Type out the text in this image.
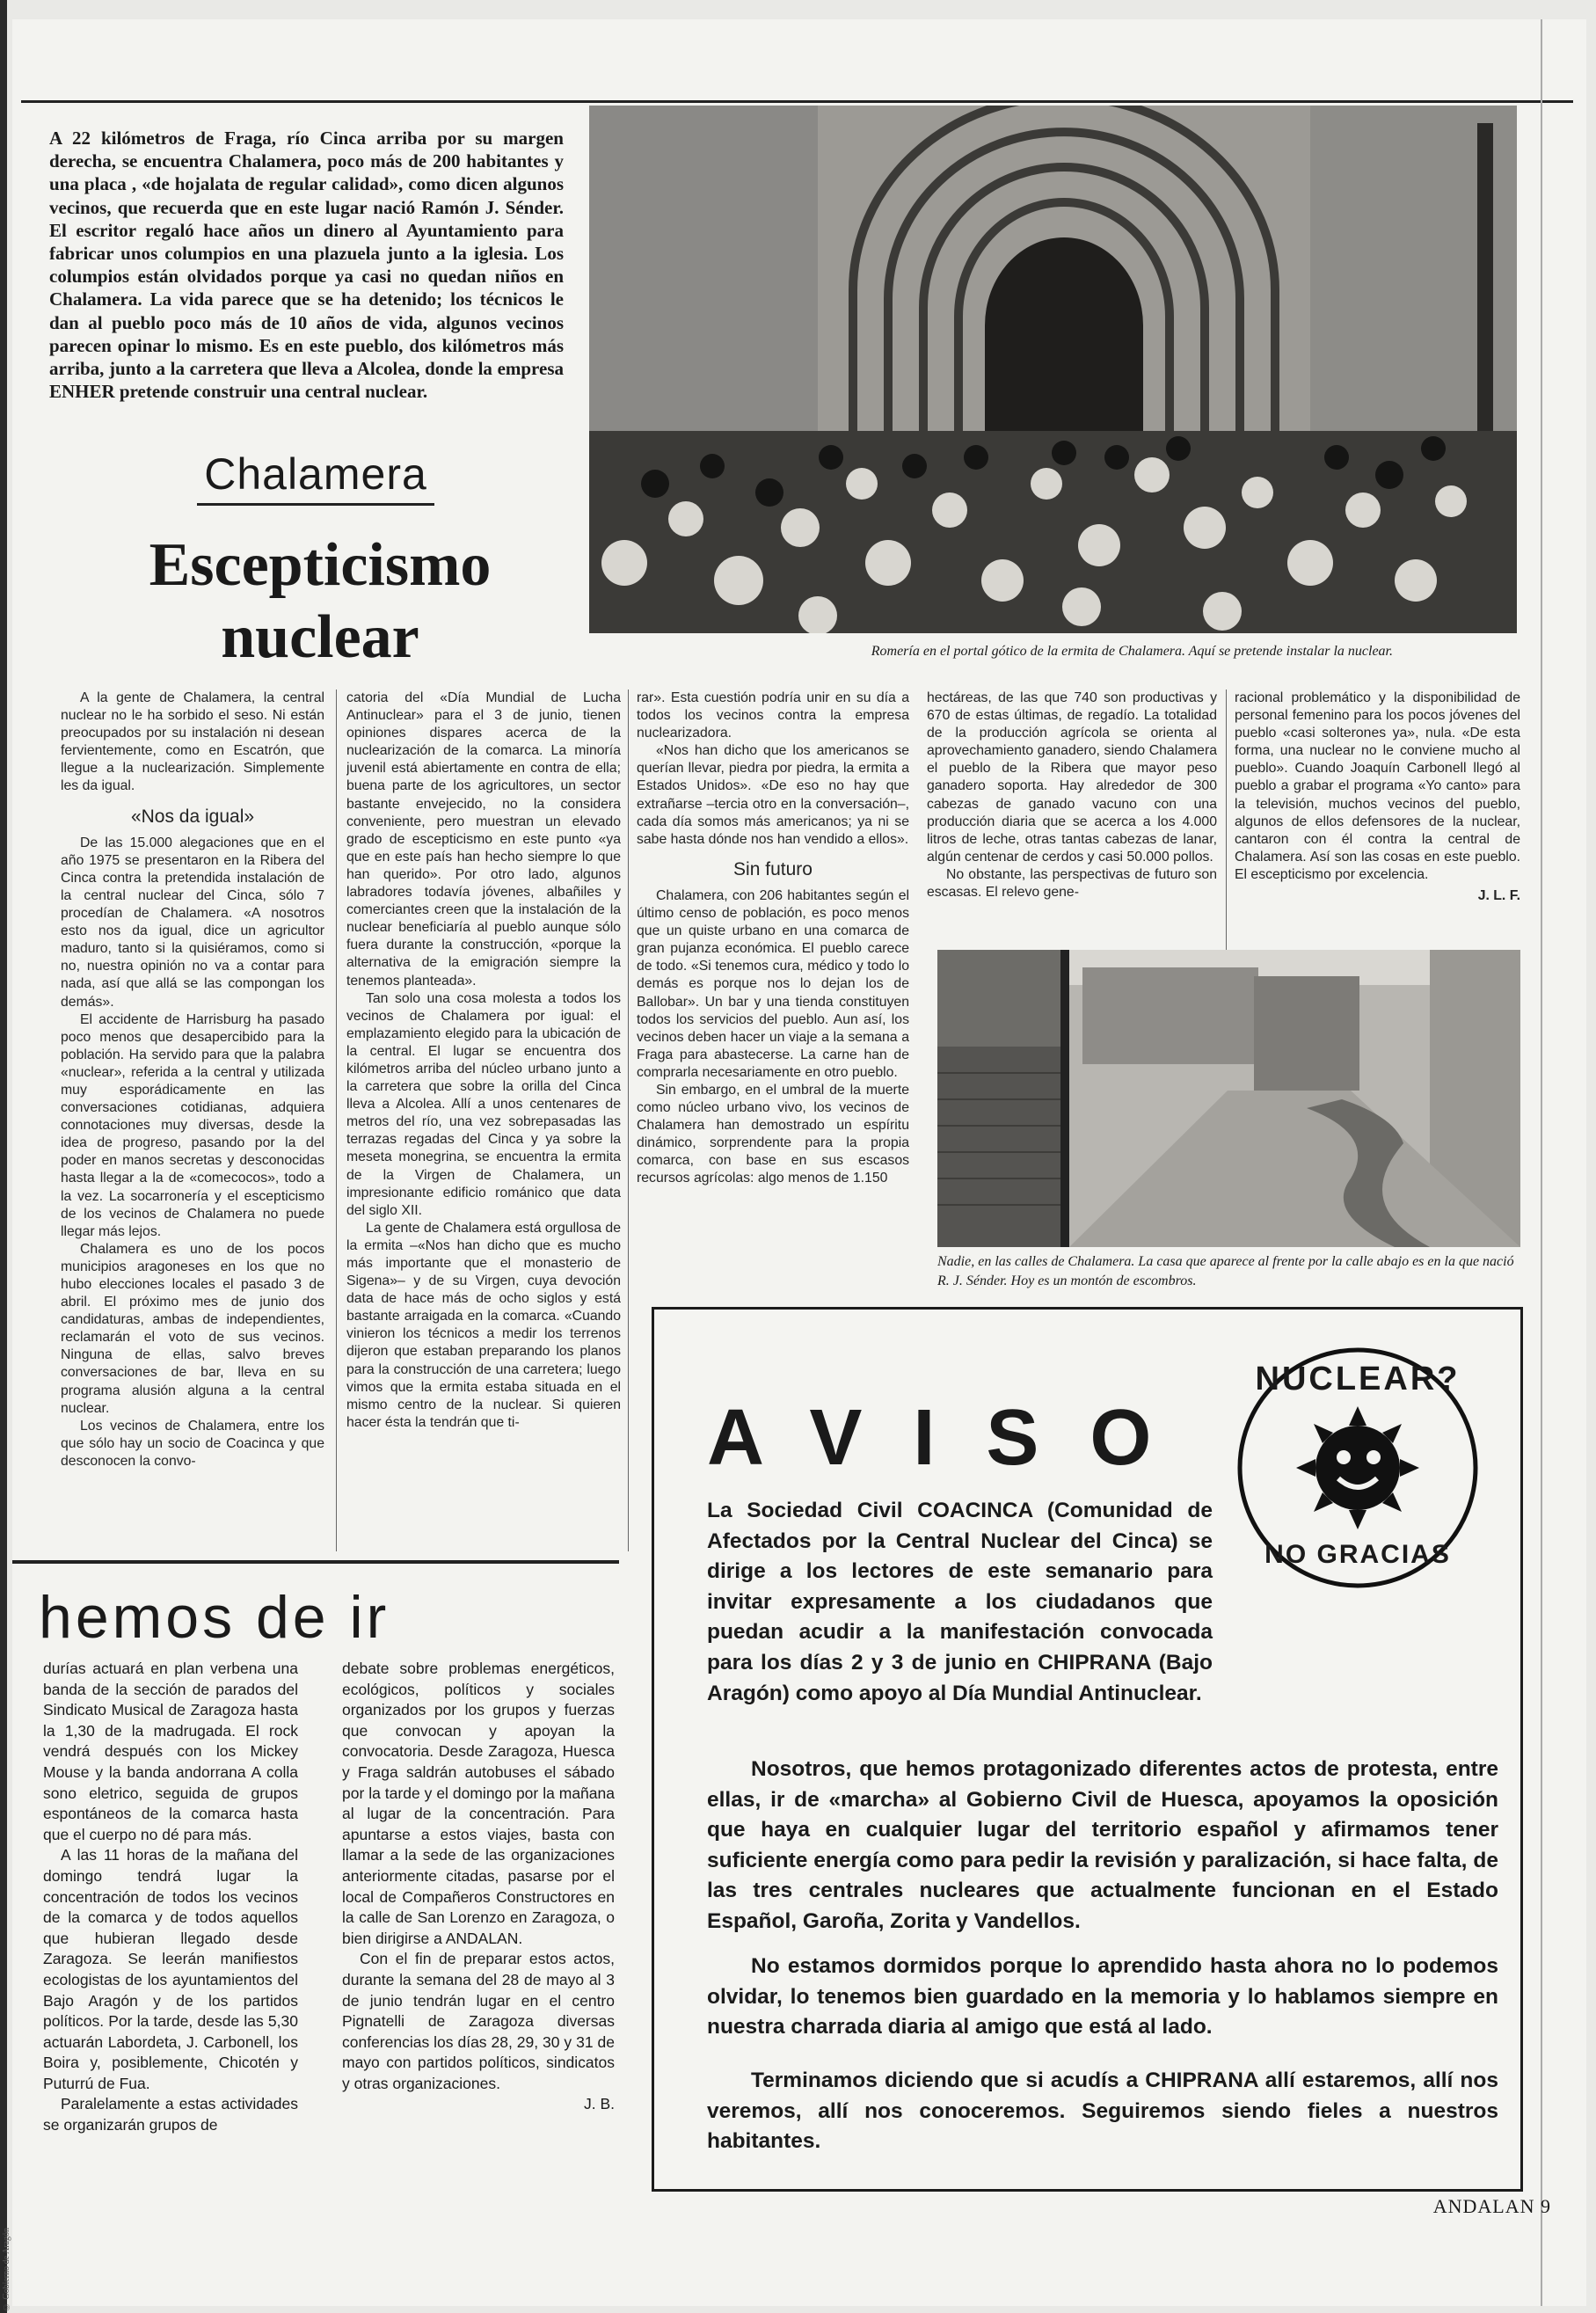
A 22 kilómetros de Fraga, río Cinca arriba por su margen derecha, se encuentra Chalamera, poco más de 200 habitantes y una placa , «de hojalata de regular calidad», como dicen algunos vecinos, que recuerda que en este lugar nació Ramón J. Sénder. El escritor regaló hace años un dinero al Ayuntamiento para fabricar unos columpios en una plazuela junto a la iglesia. Los columpios están olvidados porque ya casi no quedan niños en Chalamera. La vida parece que se ha detenido; los técnicos le dan al pueblo poco más de 10 años de vida, algunos vecinos parecen opinar lo mismo. Es en este pueblo, dos kilómetros más arriba, junto a la carretera que lleva a Alcolea, donde la empresa ENHER pretende construir una central nuclear.
Chalamera
Escepticismo
nuclear	Romería en el portal gótico de la ermita de Chalamera. Aquí se pretende instalar la nuclear.

A la gente de Chalamera, la central nuclear no le ha sorbido el seso. Ni están preocupados por su instalación ni desean fervientemente, como en Escatrón, que llegue a la nuclearización. Simplemente les da igual.

«Nos da igual»

De las 15.000 alegaciones que en el año 1975 se presentaron en la Ribera del Cinca contra la pretendida instalación de la central nuclear del Cinca, sólo 7 procedían de Chalamera. «A nosotros esto nos da igual, dice un agricultor maduro, tanto si la quisiéramos, como si no, nuestra opinión no va a contar para nada, así que allá se las compongan los demás».

El accidente de Harrisburg ha pasado poco menos que desapercibido para la población. Ha servido para que la palabra «nuclear», referida a la central y utilizada muy esporádicamente en las conversaciones cotidianas, adquiera connotaciones muy diversas, desde la idea de progreso, pasando por la del poder en manos secretas y desconocidas hasta llegar a la de «comecocos», todo a la vez. La socarronería y el escepticismo de los vecinos de Chalamera no puede llegar más lejos.

Chalamera es uno de los pocos municipios aragoneses en los que no hubo elecciones locales el pasado 3 de abril. El próximo mes de junio dos candidaturas, ambas de independientes, reclamarán el voto de sus vecinos. Ninguna de ellas, salvo breves conversaciones de bar, lleva en su programa alusión alguna a la central nuclear.

Los vecinos de Chalamera, entre los que sólo hay un socio de Coacinca y que desconocen la convo-

catoria del «Día Mundial de Lucha Antinuclear» para el 3 de junio, tienen opiniones dispares acerca de la nuclearización de la comarca. La minoría juvenil está abiertamente en contra de ella; buena parte de los agricultores, un sector bastante envejecido, no la considera conveniente, pero muestran un elevado grado de escepticismo en este punto «ya que en este país han hecho siempre lo que han querido». Por otro lado, algunos labradores todavía jóvenes, albañiles y comerciantes creen que la instalación de la nuclear beneficiaría al pueblo aunque sólo fuera durante la construcción, «porque la alternativa de la emigración siempre la tenemos planteada».

Tan solo una cosa molesta a todos los vecinos de Chalamera por igual: el emplazamiento elegido para la ubicación de la central. El lugar se encuentra dos kilómetros arriba del núcleo urbano junto a la carretera que sobre la orilla del Cinca lleva a Alcolea. Allí a unos centenares de metros del río, una vez sobrepasadas las terrazas regadas del Cinca y ya sobre la meseta monegrina, se encuentra la ermita de la Virgen de Chalamera, un impresionante edificio románico que data del siglo XII.

La gente de Chalamera está orgullosa de la ermita –«Nos han dicho que es mucho más importante que el monasterio de Sigena»– y de su Virgen, cuya devoción data de hace más de ocho siglos y está bastante arraigada en la comarca. «Cuando vinieron los técnicos a medir los terrenos dijeron que estaban preparando los planos para la construcción de una carretera; luego vimos que la ermita estaba situada en el mismo centro de la nuclear. Si quieren hacer ésta la tendrán que ti-

rar». Esta cuestión podría unir en su día a todos los vecinos contra la empresa nuclearizadora.

«Nos han dicho que los americanos se querían llevar, piedra por piedra, la ermita a Estados Unidos». «De eso no hay que extrañarse –tercia otro en la conversación–, cada día somos más americanos; ya ni se sabe hasta dónde nos han vendido a ellos».

Sin futuro

Chalamera, con 206 habitantes según el último censo de población, es poco menos que un quiste urbano en una comarca de gran pujanza económica. El pueblo carece de todo. «Si tenemos cura, médico y todo lo demás es porque nos lo dejan los de Ballobar». Un bar y una tienda constituyen todos los servicios del pueblo. Aun así, los vecinos deben hacer un viaje a la semana a Fraga para abastecerse. La carne han de comprarla necesariamente en otro pueblo.

Sin embargo, en el umbral de la muerte como núcleo urbano vivo, los vecinos de Chalamera han demostrado un espíritu dinámico, sorprendente para la propia comarca, con base en sus escasos recursos agrícolas: algo menos de 1.150

hectáreas, de las que 740 son productivas y 670 de estas últimas, de regadío. La totalidad de la producción agrícola se orienta al aprovechamiento ganadero, siendo Chalamera el pueblo de la Ribera que mayor peso ganadero soporta. Hay alrededor de 300 cabezas de ganado vacuno con una producción diaria que se acerca a los 4.000 litros de leche, otras tantas cabezas de lanar, algún centenar de cerdos y casi 50.000 pollos.

No obstante, las perspectivas de futuro son escasas. El relevo gene-

racional problemático y la disponibilidad de personal femenino para los pocos jóvenes del pueblo «casi solterones ya», nula. «De esta forma, una nuclear no le conviene mucho al pueblo». Cuando Joaquín Carbonell llegó al pueblo a grabar el programa «Yo canto» para la televisión, muchos vecinos del pueblo, algunos de ellos defensores de la nuclear, cantaron con él contra la central de Chalamera. Así son las cosas en este pueblo. El escepticismo por excelencia.

J. L. F.

Nadie, en las calles de Chalamera. La casa que aparece al frente por la calle abajo es en la que nació R. J. Sénder. Hoy es un montón de escombros.
hemos de ir

durías actuará en plan verbena una banda de la sección de parados del Sindicato Musical de Zaragoza hasta la 1,30 de la madrugada. El rock vendrá después con los Mickey Mouse y la banda andorrana A colla sono eletrico, seguida de grupos espontáneos de la comarca hasta que el cuerpo no dé para más.

A las 11 horas de la mañana del domingo tendrá lugar la concentración de todos los vecinos de la comarca y de todos aquellos que hubieran llegado desde Zaragoza. Se leerán manifiestos ecologistas de los ayuntamientos del Bajo Aragón y de los partidos políticos. Por la tarde, desde las 5,30 actuarán Labordeta, J. Carbonell, los Boira y, posiblemente, Chicotén y Puturrú de Fua.

Paralelamente a estas actividades se organizarán grupos de

debate sobre problemas energéticos, ecológicos, políticos y sociales organizados por los grupos y fuerzas que convocan y apoyan la convocatoria. Desde Zaragoza, Huesca y Fraga saldrán autobuses el sábado por la tarde y el domingo por la mañana al lugar de la concentración. Para apuntarse a estos viajes, basta con llamar a la sede de las organizaciones anteriormente citadas, pasarse por el local de Compañeros Constructores en la calle de San Lorenzo en Zaragoza, o bien dirigirse a ANDALAN.

Con el fin de preparar estos actos, durante la semana del 28 de mayo al 3 de junio tendrán lugar en el centro Pignatelli de Zaragoza diversas conferencias los días 28, 29, 30 y 31 de mayo con partidos políticos, sindicatos y otras organizaciones.

J. B.

AVISO
NUCLEAR?
NO GRACIAS
La Sociedad Civil COACINCA (Comunidad de Afectados por la Central Nuclear del Cinca) se dirige a los lectores de este semanario para invitar expresamente a los ciudadanos que puedan acudir a la manifestación convocada para los días 2 y 3 de junio en CHIPRANA (Bajo Aragón) como apoyo al Día Mundial Antinuclear.
Nosotros, que hemos protagonizado diferentes actos de protesta, entre ellas, ir de «marcha» al Gobierno Civil de Huesca, apoyamos la oposición que haya en cualquier lugar del territorio español y afirmamos tener suficiente energía como para pedir la revisión y paralización, si hace falta, de las tres centrales nucleares que actualmente funcionan en el Estado Español, Garoña, Zorita y Vandellos.
No estamos dormidos porque lo aprendido hasta ahora no lo podemos olvidar, lo tenemos bien guardado en la memoria y lo hablamos siempre en nuestra charrada diaria al amigo que está al lado.
Terminamos diciendo que si acudís a CHIPRANA allí estaremos, allí nos veremos, allí nos conoceremos. Seguiremos siendo fieles a nuestros habitantes.
ANDALAN 9
© Gobierno de Aragón
